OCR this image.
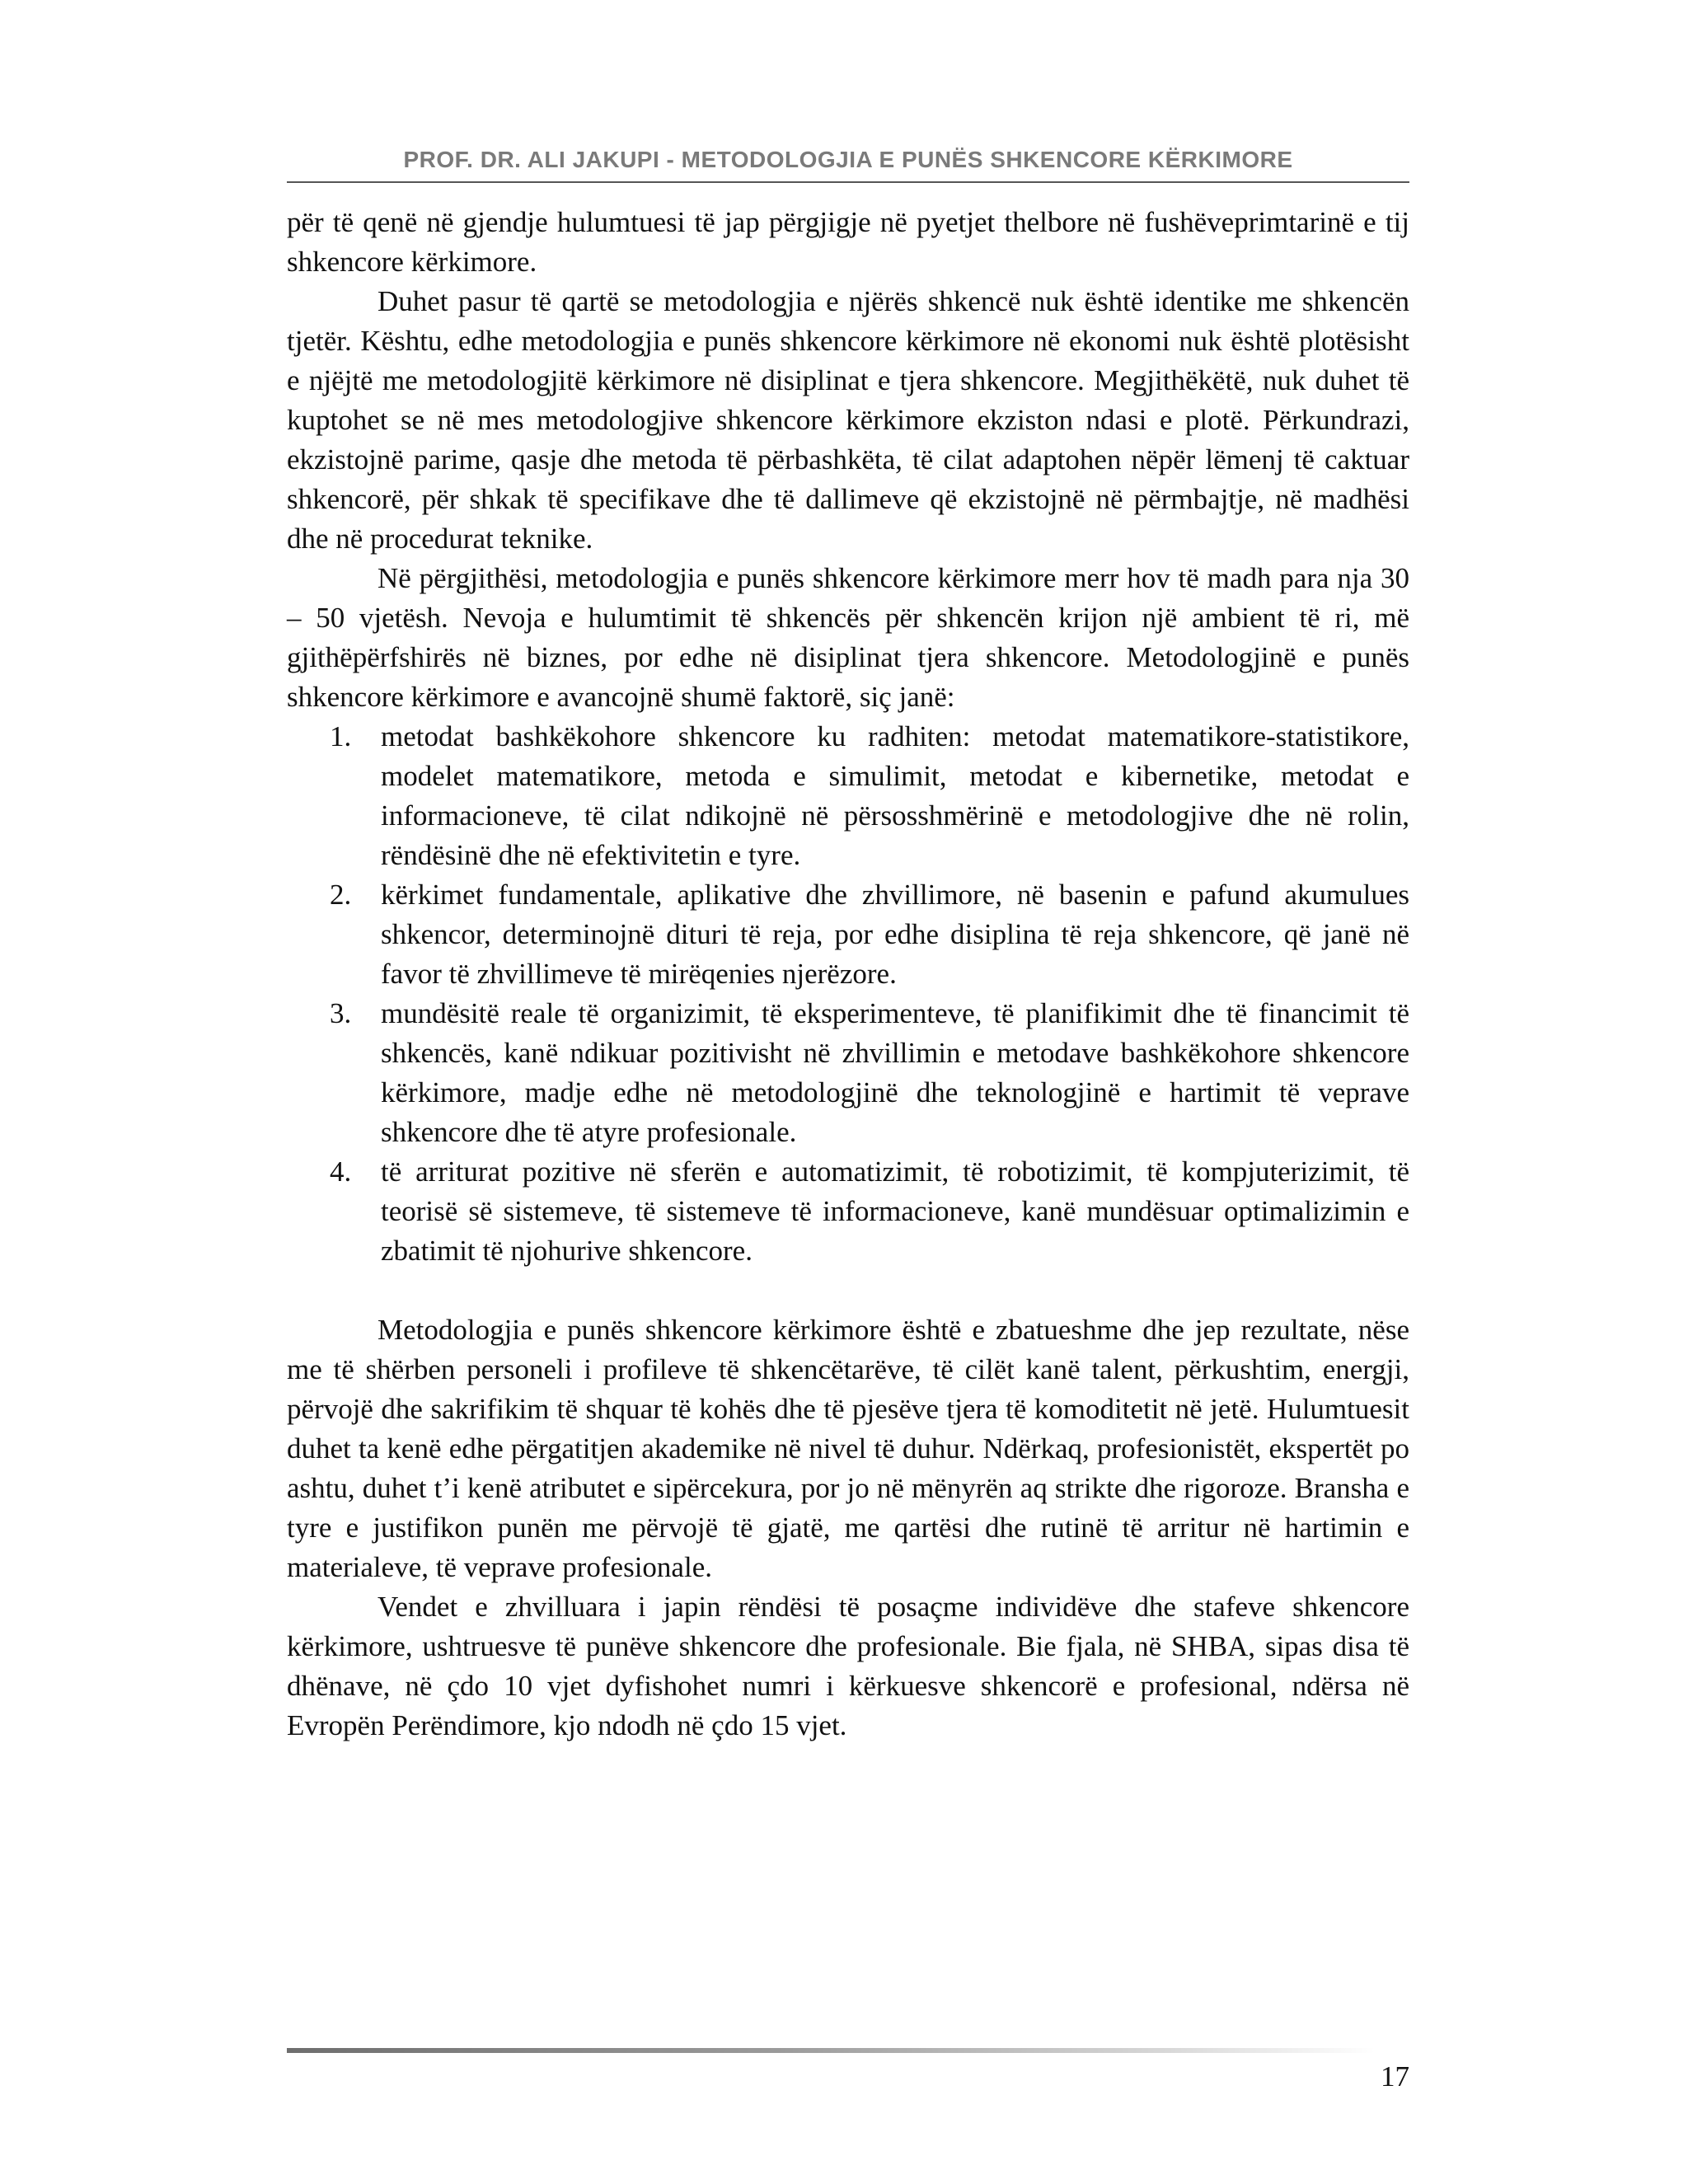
PROF. DR. ALI JAKUPI - METODOLOGJIA E PUNËS SHKENCORE KËRKIMORE

për të qenë në gjendje hulumtuesi të jap përgjigje në pyetjet thelbore në fushëveprimtarinë e tij shkencore kërkimore.

Duhet pasur të qartë se metodologjia e njërës shkencë nuk është identike me shkencën tjetër. Kështu, edhe metodologjia e punës shkencore kërkimore në ekonomi nuk është plotësisht e njëjtë me metodologjitë kërkimore në disiplinat e tjera shkencore. Megjithëkëtë, nuk duhet të kuptohet se në mes metodologjive shkencore kërkimore ekziston ndasi e plotë. Përkundrazi, ekzistojnë parime, qasje dhe metoda të përbashkëta, të cilat adaptohen nëpër lëmenj të caktuar shkencorë, për shkak të specifikave dhe të dallimeve që ekzistojnë në përmbajtje, në madhësi dhe në procedurat teknike.

Në përgjithësi, metodologjia e punës shkencore kërkimore merr hov të madh para nja 30 – 50 vjetësh. Nevoja e hulumtimit të shkencës për shkencën krijon një ambient të ri, më gjithëpërfshirës në biznes, por edhe në disiplinat tjera shkencore. Metodologjinë e punës shkencore kërkimore e avancojnë shumë faktorë, siç janë:

1. metodat bashkëkohore shkencore ku radhiten: metodat matematikore-statistikore, modelet matematikore, metoda e simulimit, metodat e kibernetike, metodat e informacioneve, të cilat ndikojnë në përsosshmërinë e metodologjive dhe në rolin, rëndësinë dhe në efektivitetin e tyre.
2. kërkimet fundamentale, aplikative dhe zhvillimore, në basenin e pafund akumulues shkencor, determinojnë dituri të reja, por edhe disiplina të reja shkencore, që janë në favor të zhvillimeve të mirëqenies njerëzore.
3. mundësitë reale të organizimit, të eksperimenteve, të planifikimit dhe të financimit të shkencës, kanë ndikuar pozitivisht në zhvillimin e metodave bashkëkohore shkencore kërkimore, madje edhe në metodologjinë dhe teknologjinë e hartimit të veprave shkencore dhe të atyre profesionale.
4. të arriturat pozitive në sferën e automatizimit, të robotizimit, të kompjuterizimit, të teorisë së sistemeve, të sistemeve të informacioneve, kanë mundësuar optimalizimin e zbatimit të njohurive shkencore.

Metodologjia e punës shkencore kërkimore është e zbatueshme dhe jep rezultate, nëse me të shërben personeli i profileve të shkencëtarëve, të cilët kanë talent, përkushtim, energji, përvojë dhe sakrifikim të shquar të kohës dhe të pjesëve tjera të komoditetit në jetë. Hulumtuesit duhet ta kenë edhe përgatitjen akademike në nivel të duhur. Ndërkaq, profesionistët, ekspertët po ashtu, duhet t’i kenë atributet e sipërcekura, por jo në mënyrën aq strikte dhe rigoroze. Bransha e tyre e justifikon punën me përvojë të gjatë, me qartësi dhe rutinë të arritur në hartimin e materialeve, të veprave profesionale.

Vendet e zhvilluara i japin rëndësi të posaçme individëve dhe stafeve shkencore kërkimore, ushtruesve të punëve shkencore dhe profesionale. Bie fjala, në SHBA, sipas disa të dhënave, në çdo 10 vjet dyfishohet numri i kërkuesve shkencorë e profesional, ndërsa në Evropën Perëndimore, kjo ndodh në çdo 15 vjet.

17
